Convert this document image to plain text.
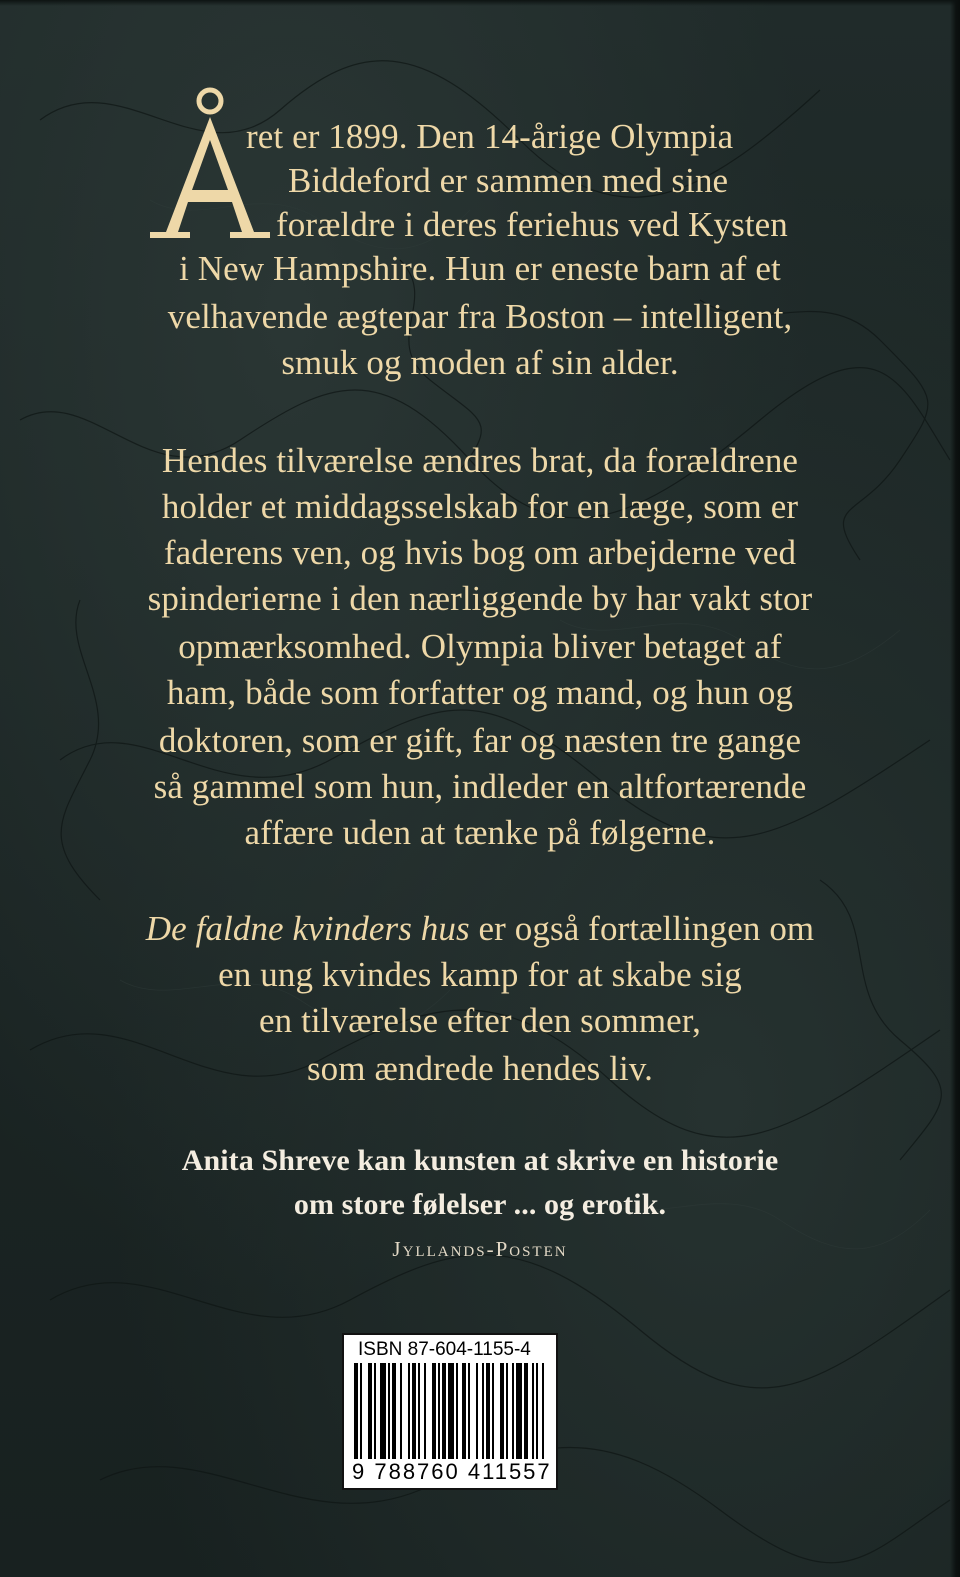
ret er 1899. Den 14-årige Olympia
Biddeford er sammen med sine
forældre i deres feriehus ved Kysten
i New Hampshire. Hun er eneste barn af et
velhavende ægtepar fra Boston – intelligent,
smuk og moden af sin alder.
Hendes tilværelse ændres brat, da forældrene
holder et middagsselskab for en læge, som er
faderens ven, og hvis bog om arbejderne ved
spinderierne i den nærliggende by har vakt stor
opmærksomhed. Olympia bliver betaget af
ham, både som forfatter og mand, og hun og
doktoren, som er gift, far og næsten tre gange
så gammel som hun, indleder en altfortærende
affære uden at tænke på følgerne.
De faldne kvinders hus er også fortællingen om
en ung kvindes kamp for at skabe sig
en tilværelse efter den sommer,
som ændrede hendes liv.
Anita Shreve kan kunsten at skrive en historie
om store følelser ... og erotik.
Jyllands-Posten
ISBN 87-604-1155-4
9 788760 411557
